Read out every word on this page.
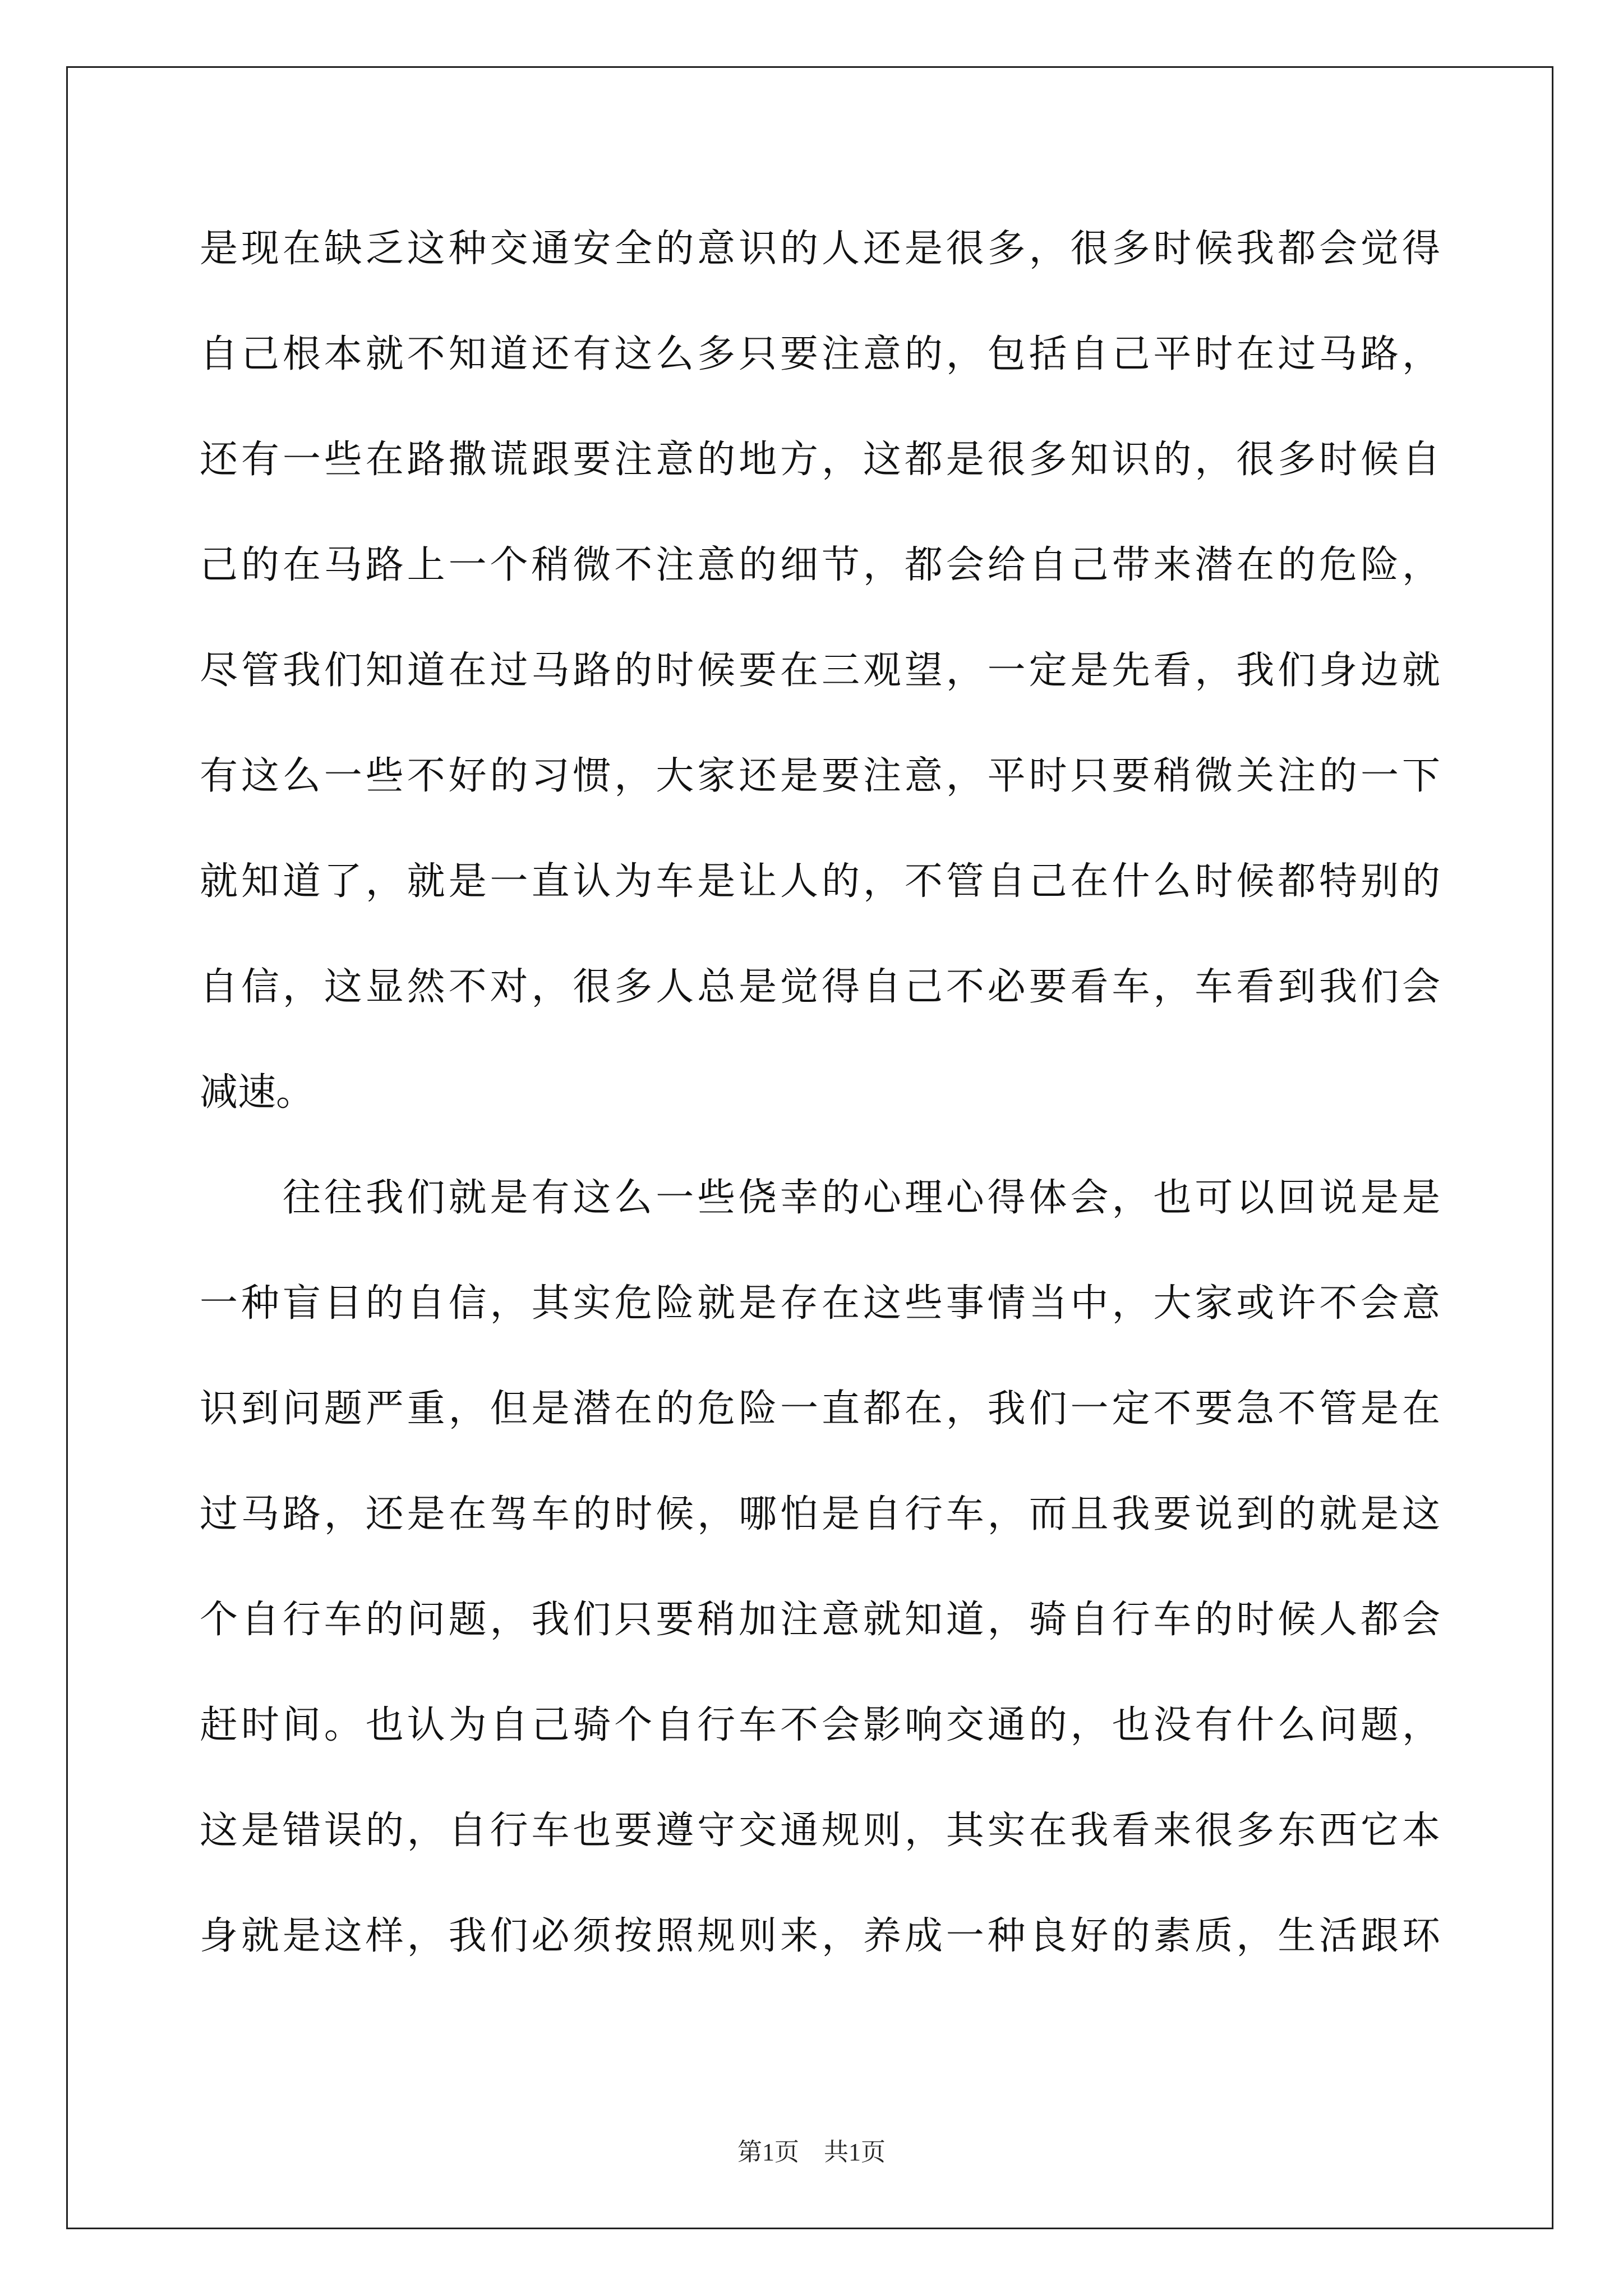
是现在缺乏这种交通安全的意识的人还是很多，很多时候我都会觉得
自己根本就不知道还有这么多只要注意的，包括自己平时在过马路，
还有一些在路撒谎跟要注意的地方，这都是很多知识的，很多时候自
己的在马路上一个稍微不注意的细节，都会给自己带来潜在的危险，
尽管我们知道在过马路的时候要在三观望，一定是先看，我们身边就
有这么一些不好的习惯，大家还是要注意，平时只要稍微关注的一下
就知道了，就是一直认为车是让人的，不管自己在什么时候都特别的
自信，这显然不对，很多人总是觉得自己不必要看车，车看到我们会
减速。
　　往往我们就是有这么一些侥幸的心理心得体会，也可以回说是是
一种盲目的自信，其实危险就是存在这些事情当中，大家或许不会意
识到问题严重，但是潜在的危险一直都在，我们一定不要急不管是在
过马路，还是在驾车的时候，哪怕是自行车，而且我要说到的就是这
个自行车的问题，我们只要稍加注意就知道，骑自行车的时候人都会
赶时间。也认为自己骑个自行车不会影响交通的，也没有什么问题，
这是错误的，自行车也要遵守交通规则，其实在我看来很多东西它本
身就是这样，我们必须按照规则来，养成一种良好的素质，生活跟环
第1页　共1页
